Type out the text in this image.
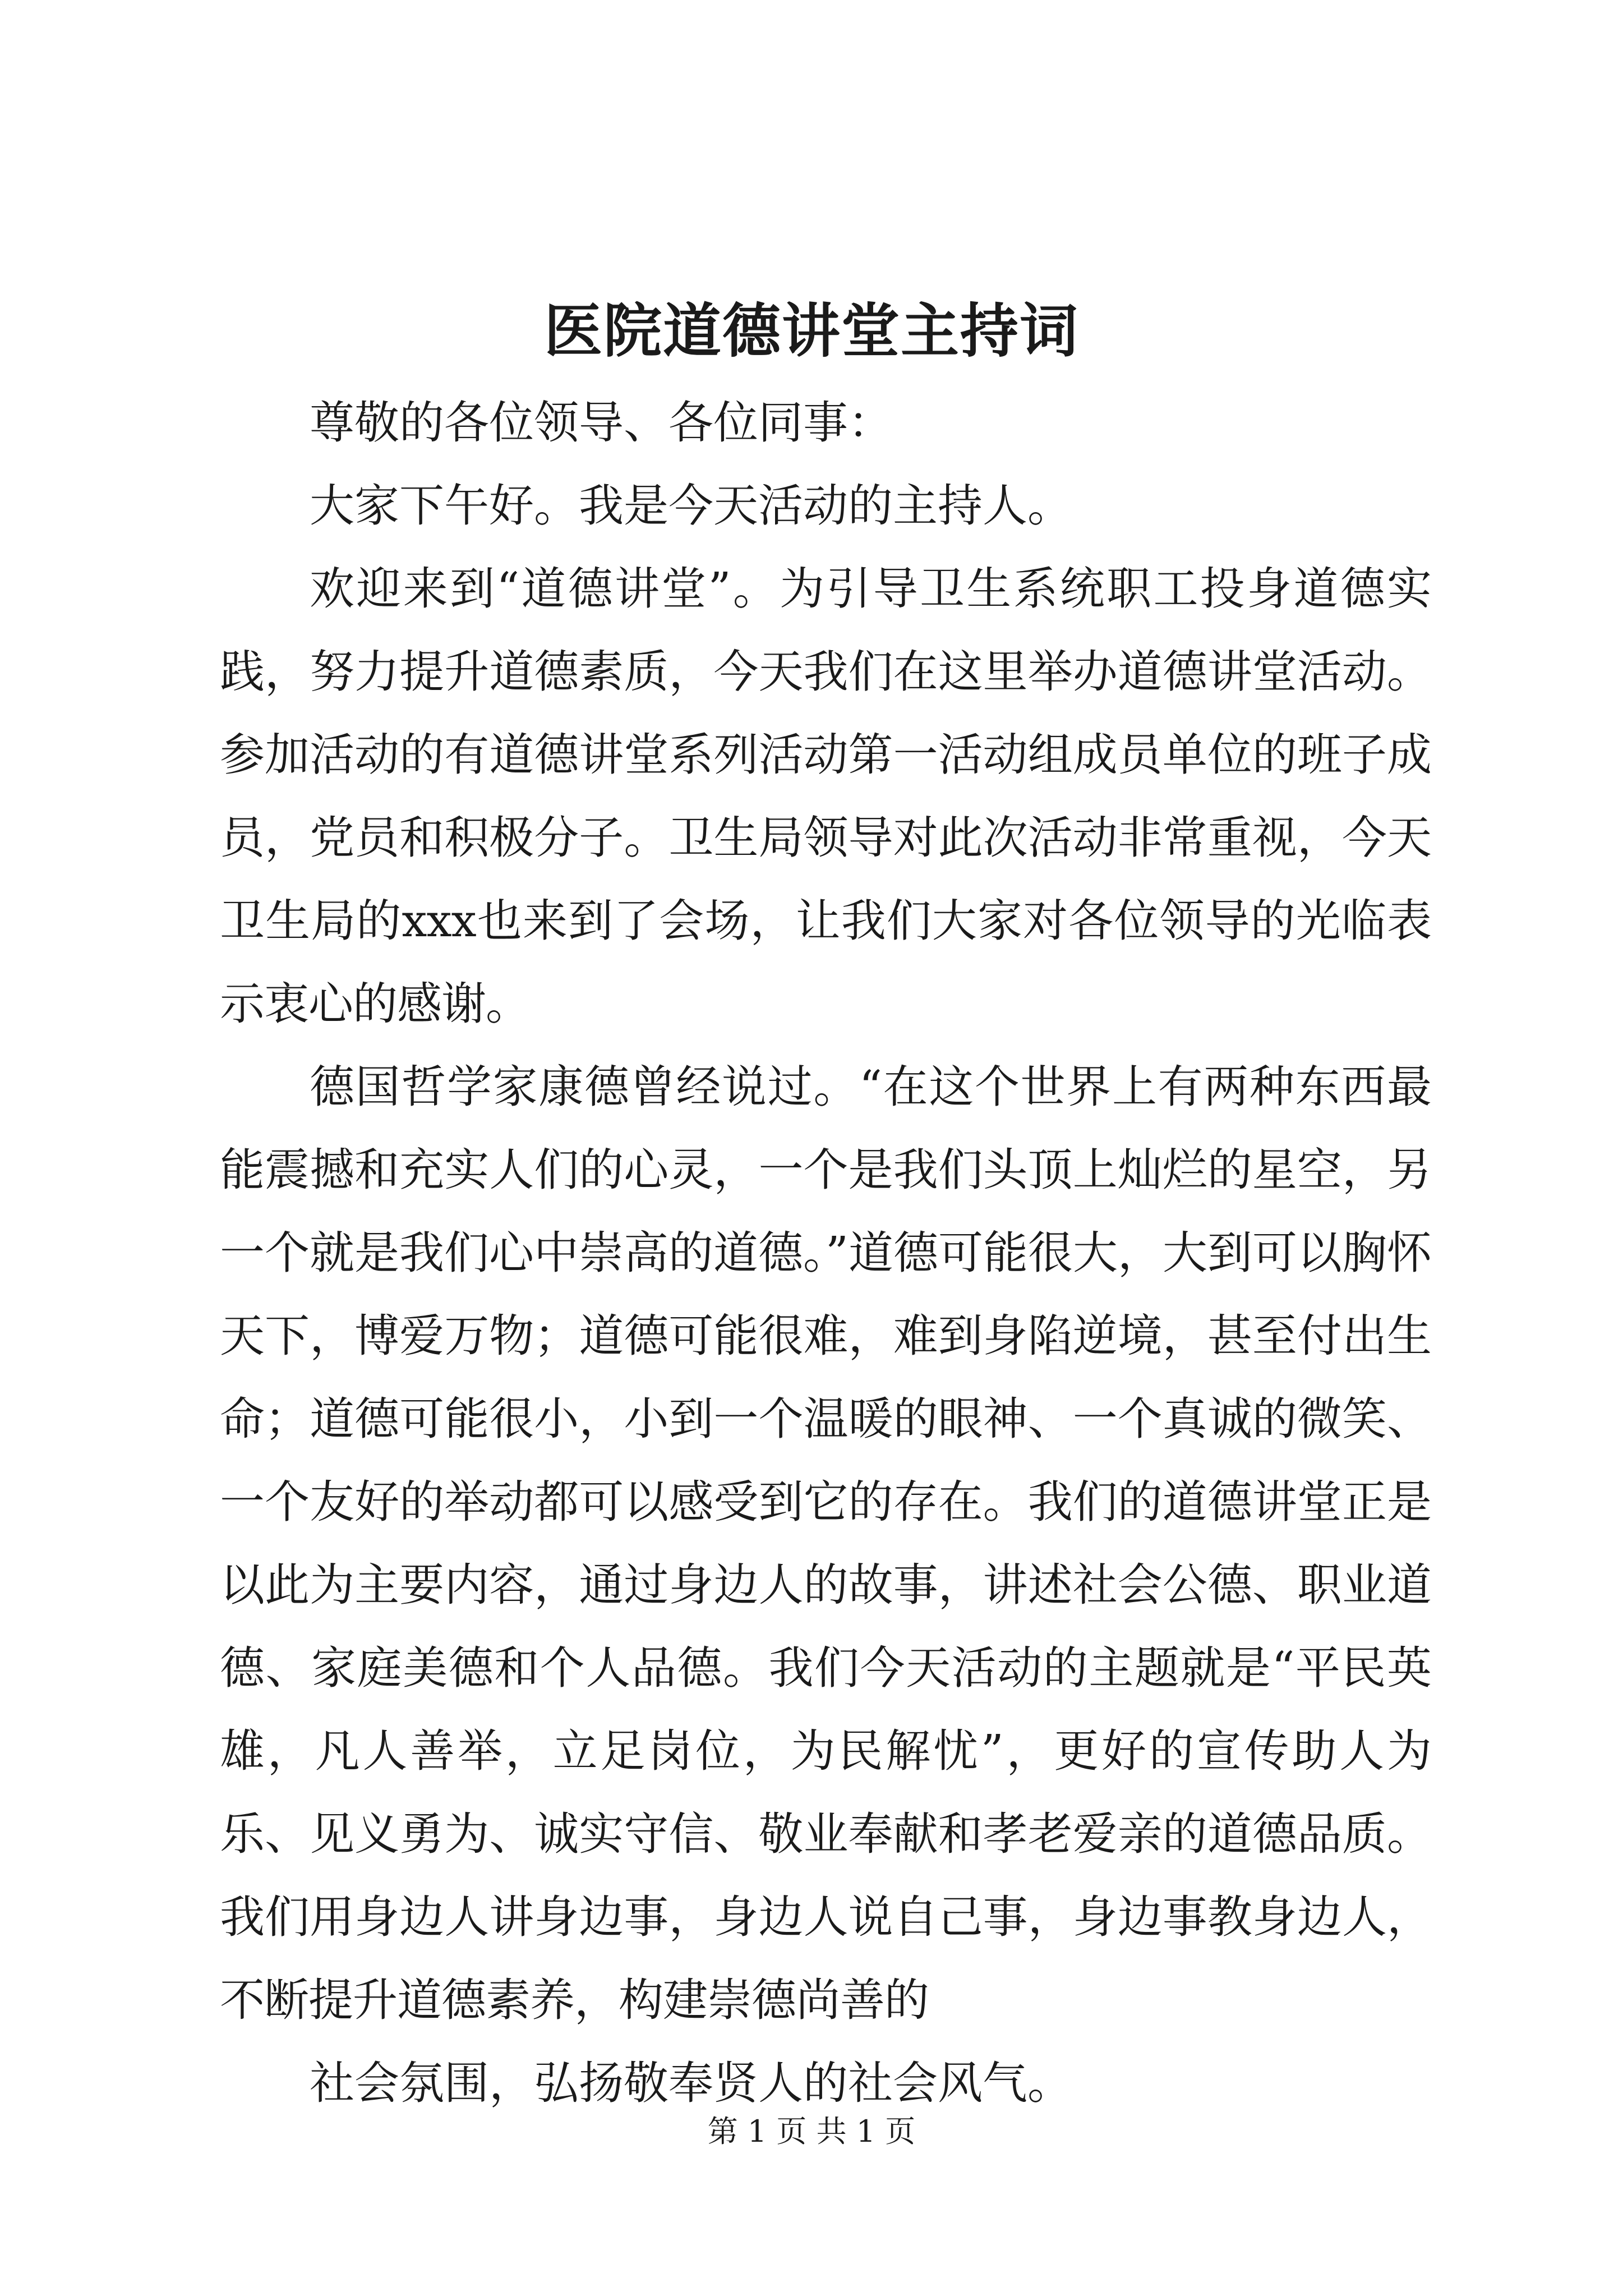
医院道德讲堂主持词

尊敬的各位领导、各位同事：

大家下午好。我是今天活动的主持人。

欢迎来到“道德讲堂”。为引导卫生系统职工投身道德实践，努力提升道德素质，今天我们在这里举办道德讲堂活动。参加活动的有道德讲堂系列活动第一活动组成员单位的班子成员，党员和积极分子。卫生局领导对此次活动非常重视，今天卫生局的xxx也来到了会场，让我们大家对各位领导的光临表示衷心的感谢。

德国哲学家康德曾经说过。“在这个世界上有两种东西最能震撼和充实人们的心灵，一个是我们头顶上灿烂的星空，另一个就是我们心中崇高的道德。”道德可能很大，大到可以胸怀天下，博爱万物；道德可能很难，难到身陷逆境，甚至付出生命；道德可能很小，小到一个温暖的眼神、一个真诚的微笑、一个友好的举动都可以感受到它的存在。我们的道德讲堂正是以此为主要内容，通过身边人的故事，讲述社会公德、职业道德、家庭美德和个人品德。我们今天活动的主题就是“平民英雄，凡人善举，立足岗位，为民解忧”，更好的宣传助人为乐、见义勇为、诚实守信、敬业奉献和孝老爱亲的道德品质。我们用身边人讲身边事，身边人说自己事，身边事教身边人，不断提升道德素养，构建崇德尚善的

社会氛围，弘扬敬奉贤人的社会风气。

第 1 页 共 1 页
